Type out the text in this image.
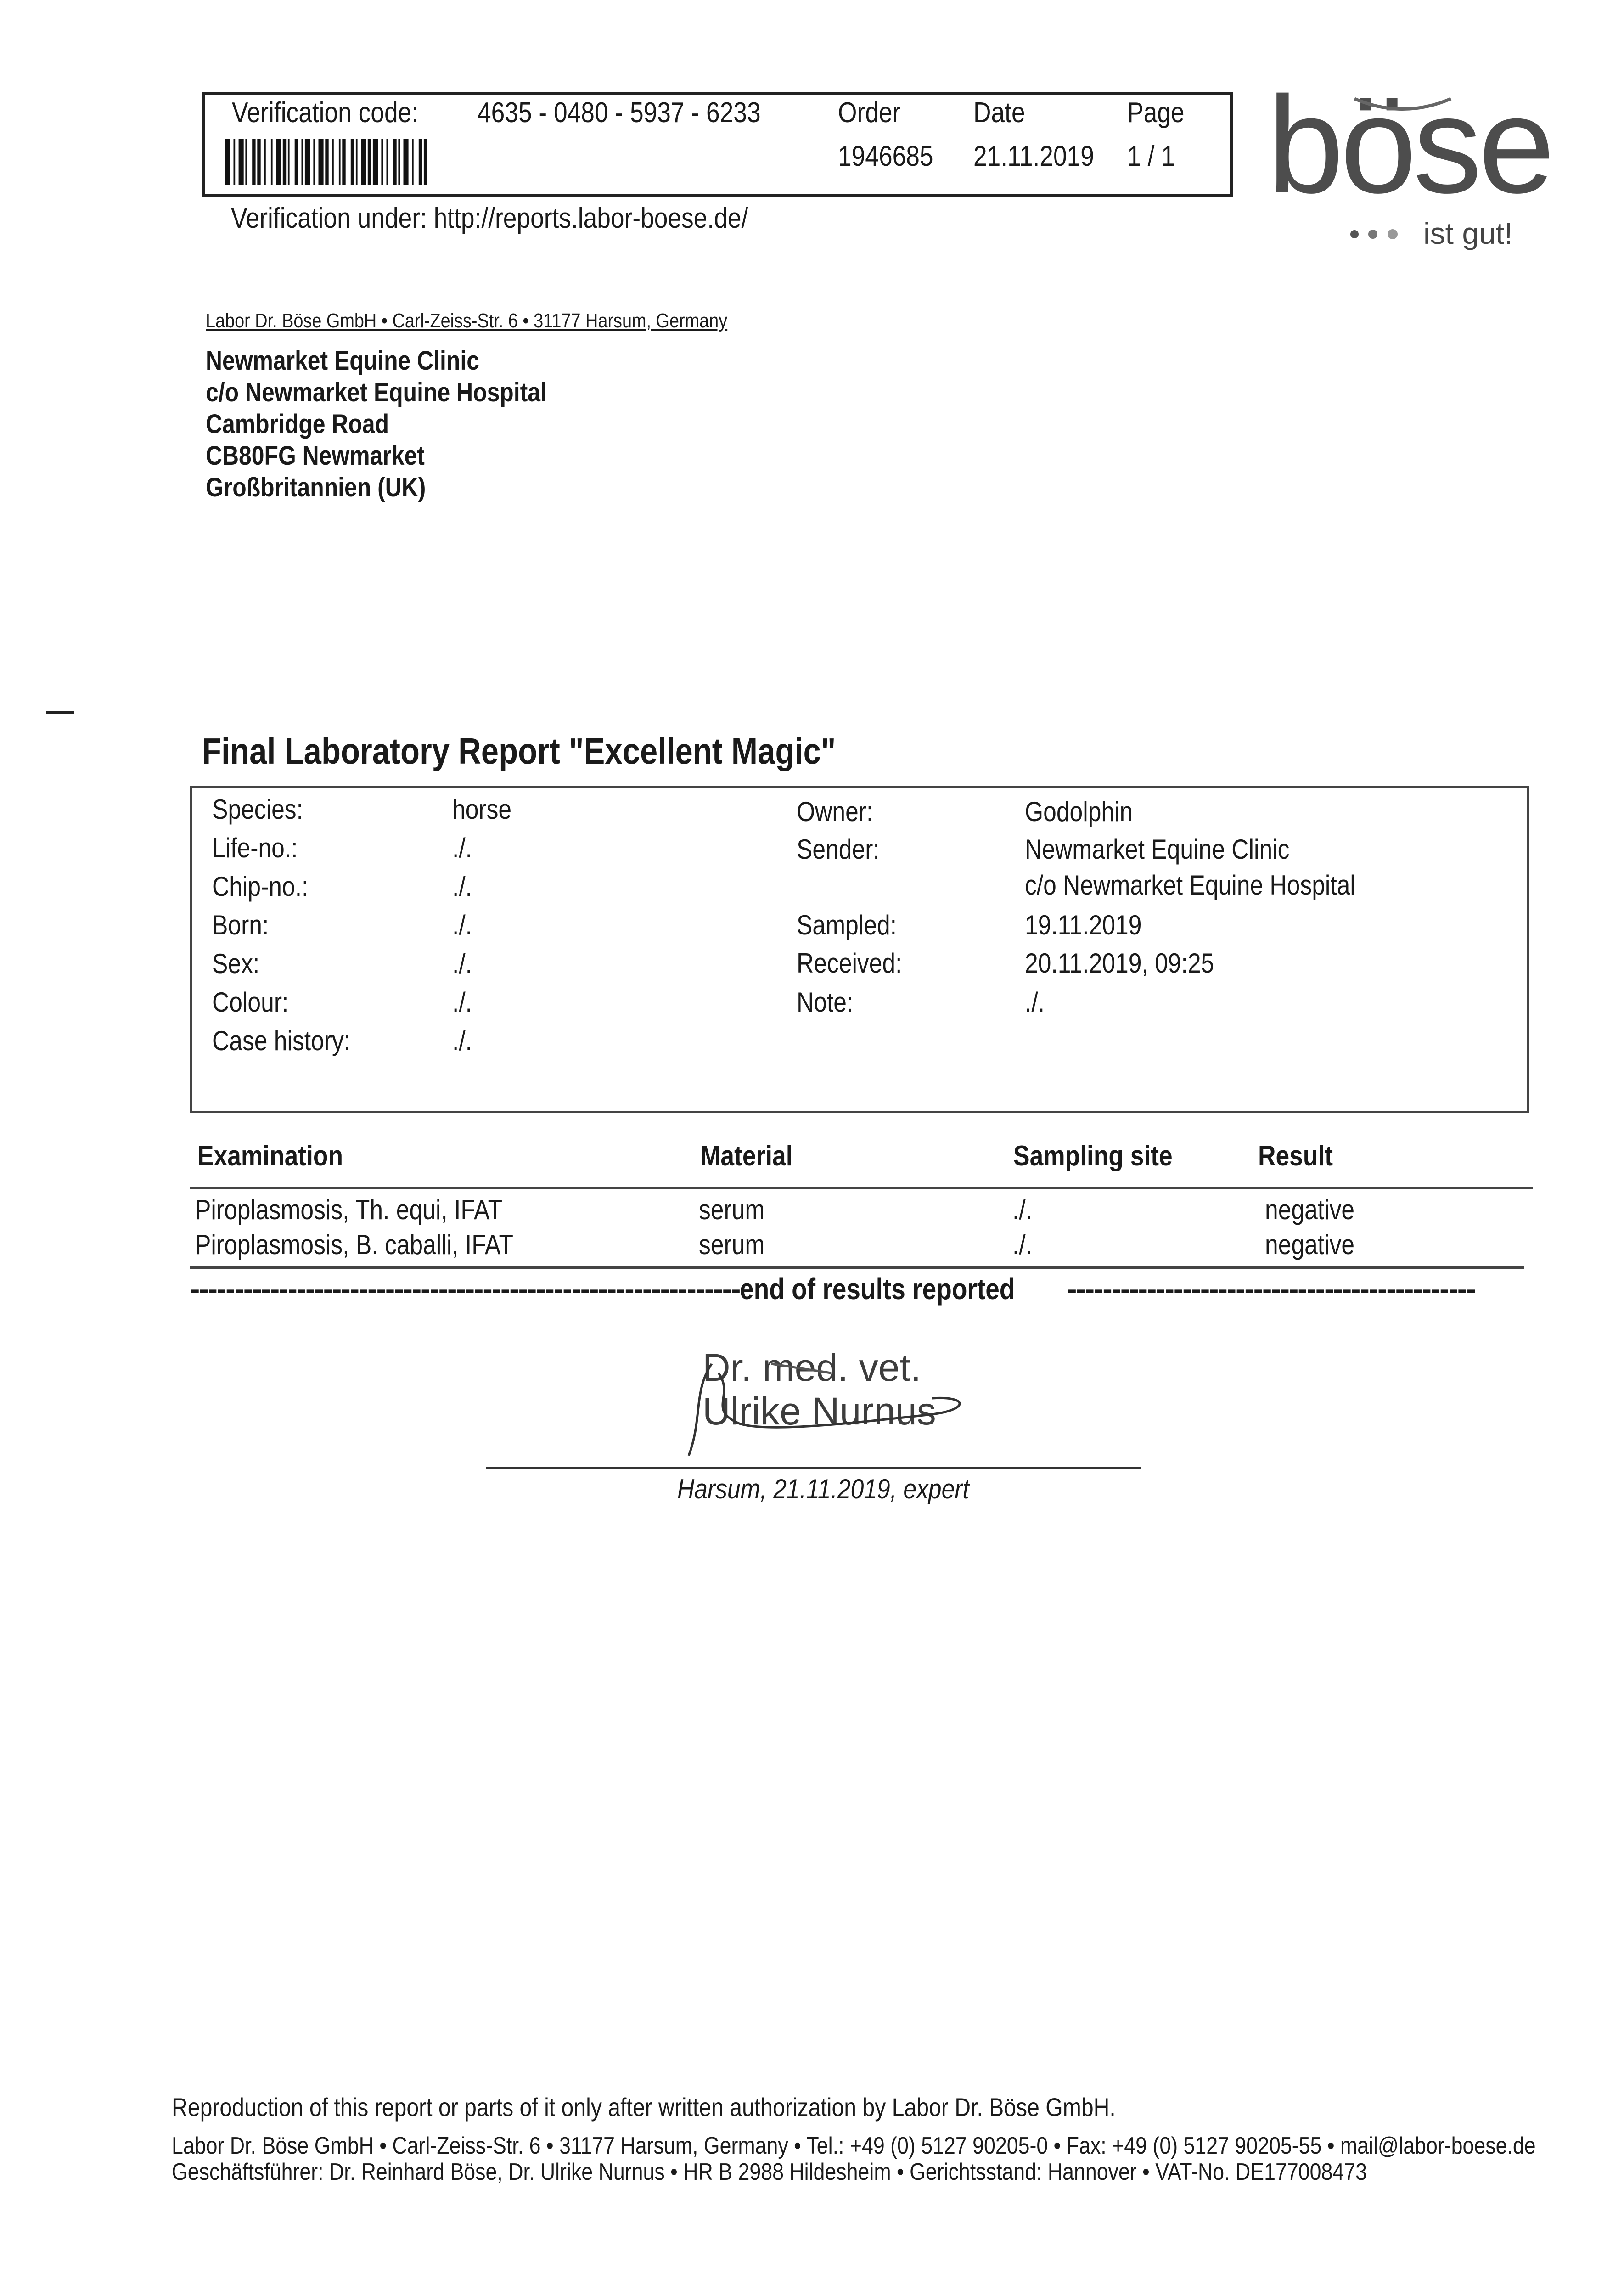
Verification code: 4635 - 0480 - 5937 - 6233	Order	Date	Page
1946685 21.11.2019 1 / 1
Verification under: http://reports.labor-boese.de/	böse
ist gut!
Labor Dr. Böse GmbH • Carl-Zeiss-Str. 6 • 31177 Harsum, Germany
Newmarket Equine Clinic
c/o Newmarket Equine Hospital
Cambridge Road
CB80FG Newmarket
Großbritannien (UK)
Final Laboratory Report "Excellent Magic"
Species:	horse
Life-no.:	./.
Chip-no.:	./.
Born:	./.
Sex:	./.
Colour:	./.
Case history:	./.
Owner:	Godolphin
Sender:	Newmarket Equine Clinic
c/o Newmarket Equine Hospital
Sampled:	19.11.2019
Received:	20.11.2019, 09:25
Note:	./.
Examination	Material	Sampling site	Result
Piroplasmosis, Th. equi, IFAT	serum	./.	negative
Piroplasmosis, B. caballi, IFAT	serum	./.	negative
--------------------------------------------------------------end of results reported ----------------------------------------------
Dr. med. vet.
Ulrike Nurnus
Harsum, 21.11.2019, expert
Reproduction of this report or parts of it only after written authorization by Labor Dr. Böse GmbH.
Labor Dr. Böse GmbH • Carl-Zeiss-Str. 6 • 31177 Harsum, Germany • Tel.: +49 (0) 5127 90205-0 • Fax: +49 (0) 5127 90205-55 • mail@labor-boese.de
Geschäftsführer: Dr. Reinhard Böse, Dr. Ulrike Nurnus • HR B 2988 Hildesheim • Gerichtsstand: Hannover • VAT-No. DE177008473
